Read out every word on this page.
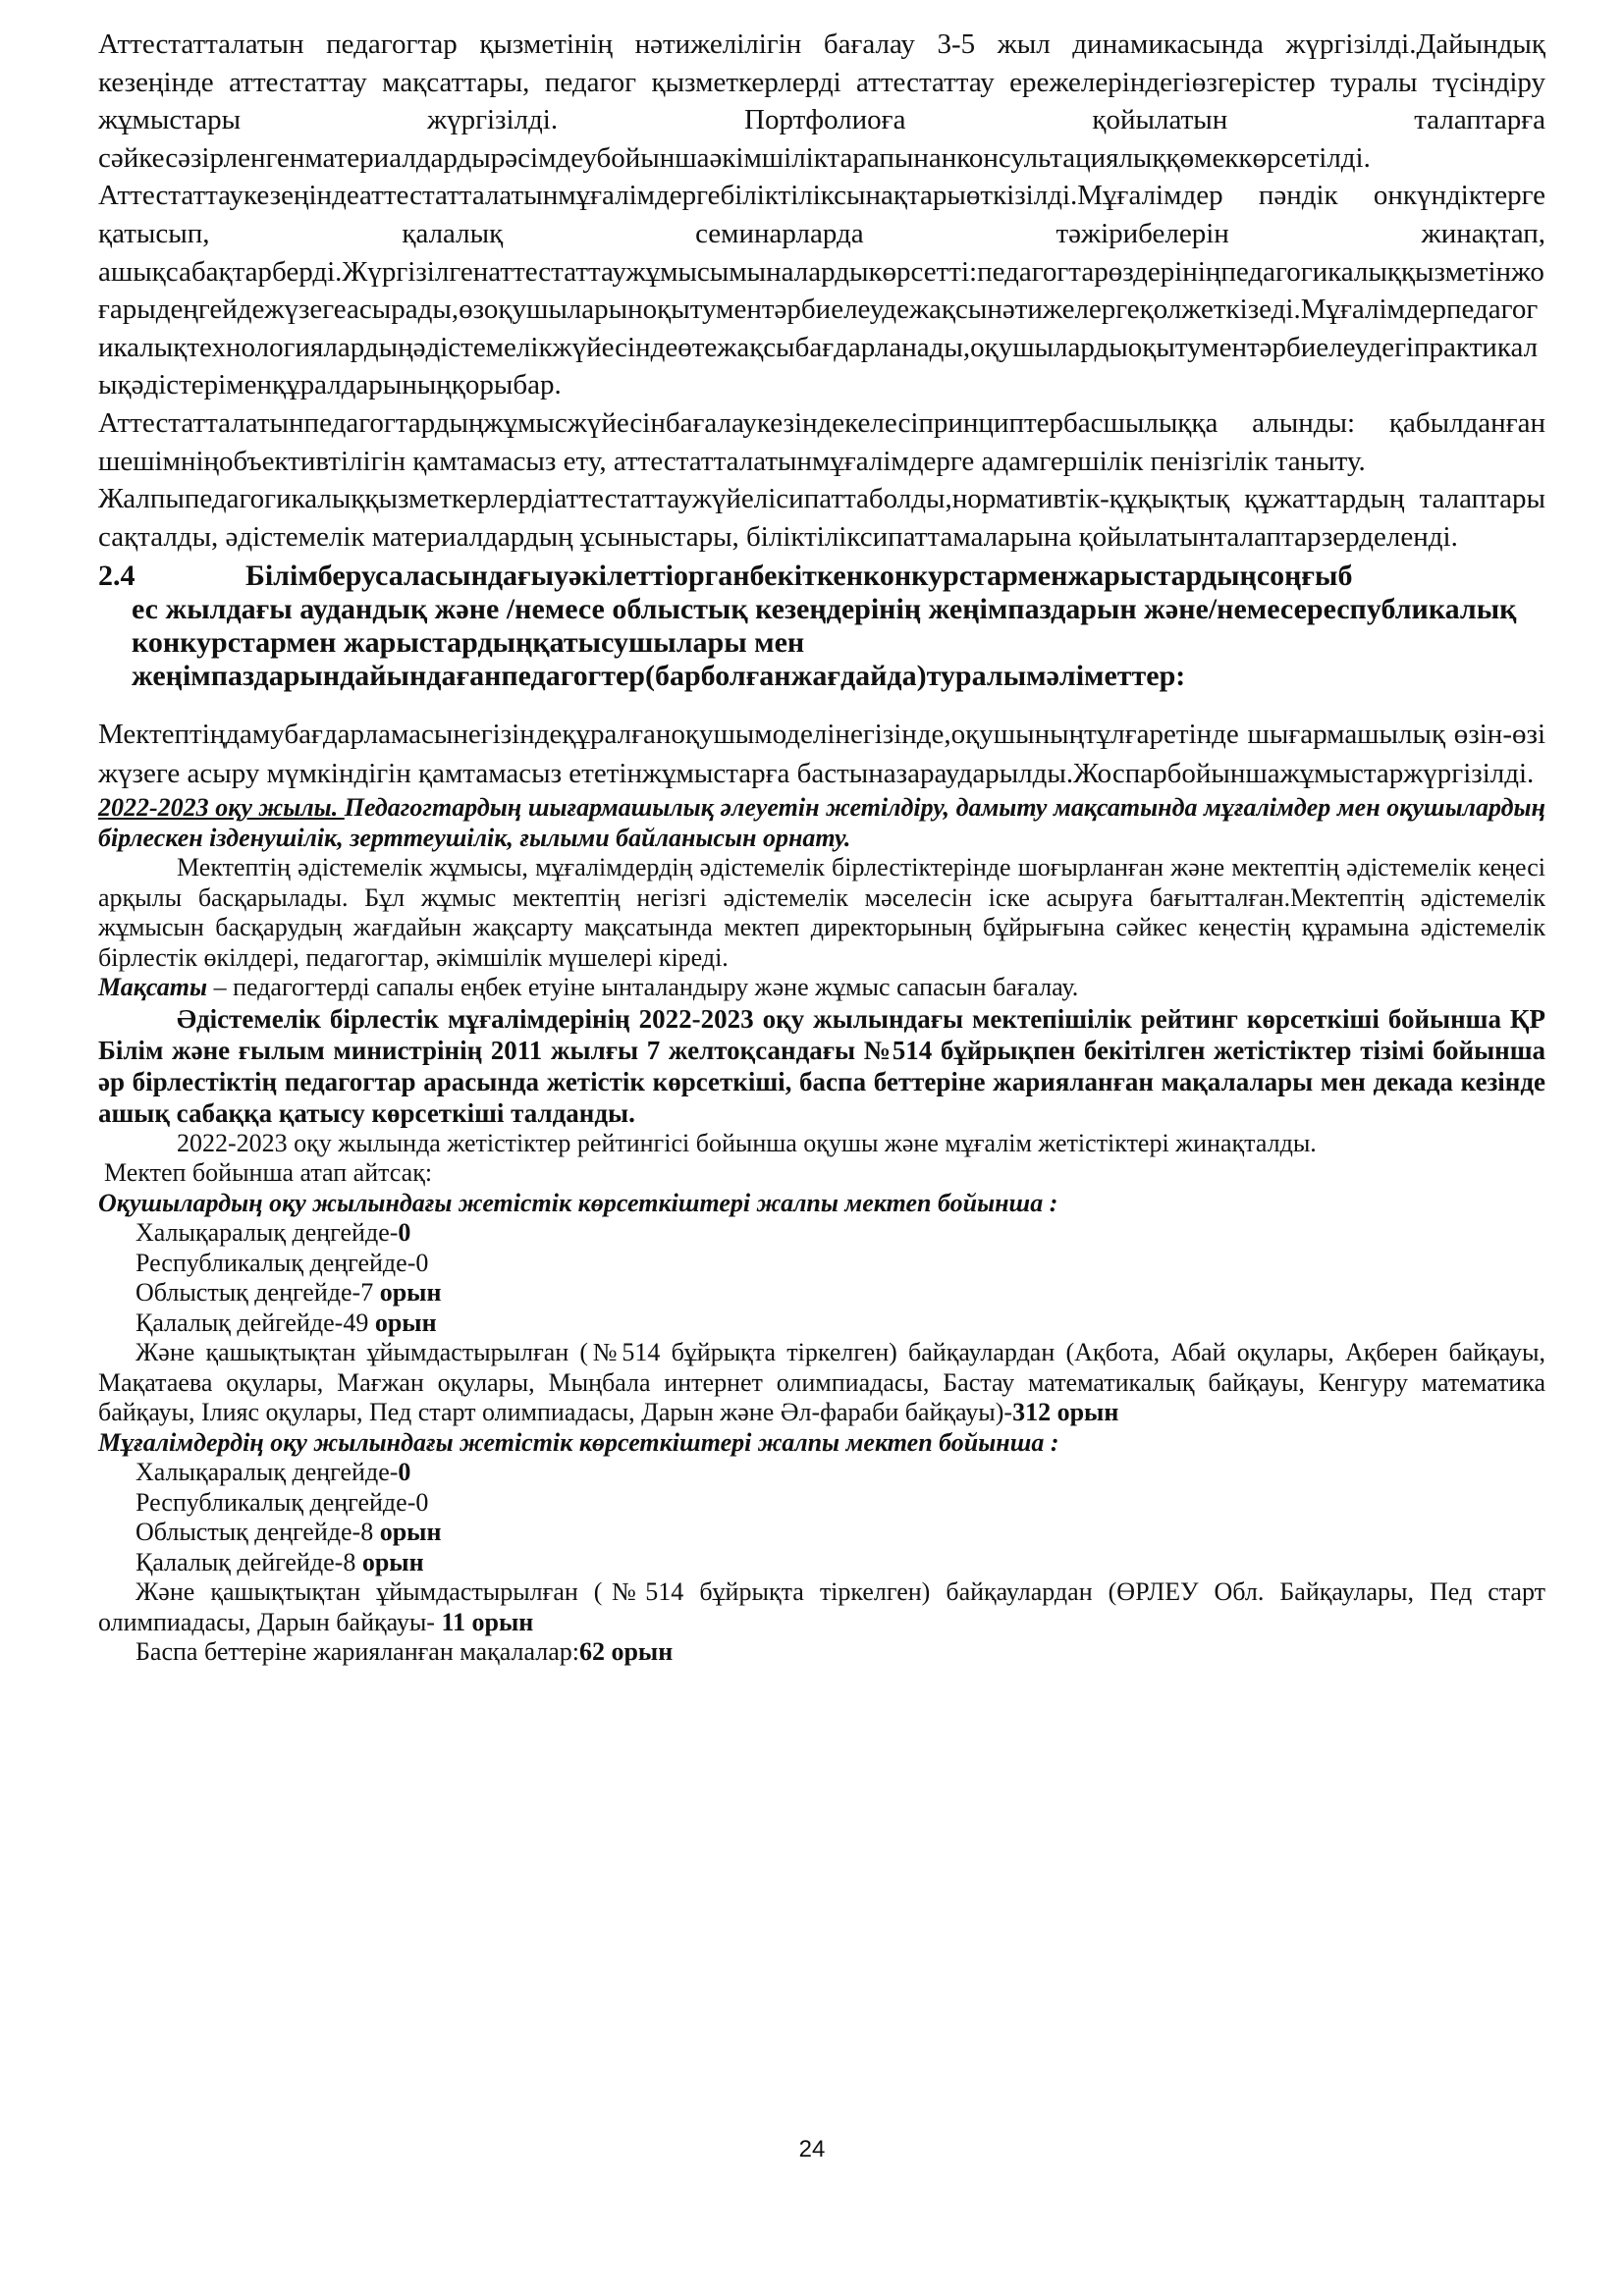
Аттестатталатын педагогтар қызметінің нәтижелілігін бағалау 3-5 жыл динамикасында жүргізілді.Дайындық кезеңінде аттестаттау мақсаттары, педагог қызметкерлерді аттестаттау ережелеріндегіөзгерістер туралы түсіндіру жұмыстары жүргізілді. Портфолиоға қойылатын талаптарға сәйкесәзірленгенматериалдардырәсімдеубойыншаәкімшіліктарапынанконсультациялыққөмеккөрсетілді.

Аттестаттаукезеңіндеаттестатталатынмұғалімдергебіліктіліксынақтарыөткізілді.Мұғалімдер пәндік онкүндіктерге қатысып, қалалық семинарларда тәжірибелерін жинақтап, ашықсабақтарберді.Жүргізілгенаттестаттаужұмысымыналардыкөрсетті:педагогтарөздерініңпедагогикалыққызметінжоғарыдеңгейдежүзегеасырады,өзоқушыларыноқытументәрбиелеудежақсынәтижелергеқолжеткізеді.Мұғалімдерпедагогикалықтехнологиялардыңәдістемелікжүйесіндеөтежақсыбағдарланады,оқушылардыоқытументәрбиелеудегіпрактикалықәдістеріменқұралдарыныңқорыбар.

Аттестатталатынпедагогтардыңжұмысжүйесінбағалаукезіндекелесіпринциптербасшылыққа алынды: қабылданған шешімніңобъективтілігін қамтамасыз ету, аттестатталатынмұғалімдерге адамгершілік пенізгілік таныту.

Жалпыпедагогикалыққызметкерлердіаттестаттаужүйелісипаттаболды,нормативтік-құқықтық құжаттардың талаптары сақталды, әдістемелік материалдардың ұсыныстары, біліктіліксипаттамаларына қойылатынталаптарзерделенді.

2.4	Білімберусаласындағыуәкілеттіорганбекіткенконкурстарменжарыстардыңсоңғыб
ес жылдағы аудандық және /немесе облыстық кезеңдерінің жеңімпаздарын және/немесереспубликалық конкурстармен жарыстардыңқатысушылары мен жеңімпаздарындайындағанпедагогтер(барболғанжағдайда)туралымәліметтер:

Мектептіңдамубағдарламасынегізіндеқұралғаноқушымоделінегізінде,оқушыныңтұлғаретінде шығармашылық өзін-өзі жүзеге асыру мүмкіндігін қамтамасыз ететінжұмыстарға бастыназараударылды.Жоспарбойыншажұмыстаржүргізілді.

2022-2023 оқу жылы. Педагогтардың шығармашылық әлеуетін жетілдіру, дамыту мақсатында мұғалімдер мен оқушылардың бірлескен ізденушілік, зерттеушілік, ғылыми байланысын орнату.

Мектептің әдістемелік жұмысы, мұғалімдердің әдістемелік бірлестіктерінде шоғырланған және мектептің әдістемелік кеңесі арқылы басқарылады. Бұл жұмыс мектептің негізгі әдістемелік мәселесін іске асыруға бағытталған.Мектептің әдістемелік жұмысын басқарудың жағдайын жақсарту мақсатында мектеп директорының бұйрығына сәйкес кеңестің құрамына әдістемелік бірлестік өкілдері, педагогтар, әкімшілік мүшелері кіреді.

Мақсаты – педагогтерді сапалы еңбек етуіне ынталандыру және жұмыс сапасын бағалау.

Әдістемелік бірлестік мұғалімдерінің 2022-2023 оқу жылындағы мектепішілік рейтинг көрсеткіші бойынша ҚР Білім және ғылым министрінің 2011 жылғы 7 желтоқсандағы №514 бұйрықпен бекітілген жетістіктер тізімі бойынша әр бірлестіктің педагогтар арасында жетістік көрсеткіші, баспа беттеріне жарияланған мақалалары мен декада кезінде ашық сабаққа қатысу көрсеткіші талданды.

2022-2023 оқу жылында жетістіктер рейтингісі бойынша оқушы және мұғалім жетістіктері жинақталды.

Мектеп бойынша атап айтсақ:

Оқушылардың оқу жылындағы жетістік көрсеткіштері жалпы мектеп бойынша :

Халықаралық деңгейде-0

Республикалық деңгейде-0

Облыстық деңгейде-7 орын

Қалалық дейгейде-49 орын

Және қашықтықтан ұйымдастырылған (№514 бұйрықта тіркелген) байқаулардан (Ақбота, Абай оқулары, Ақберен байқауы, Мақатаева оқулары, Мағжан оқулары, Мыңбала интернет олимпиадасы, Бастау математикалық байқауы, Кенгуру математика байқауы, Ілияс оқулары, Пед старт олимпиадасы, Дарын және Әл-фараби байқауы)-312 орын

Мұғалімдердің оқу жылындағы жетістік көрсеткіштері жалпы мектеп бойынша :

Халықаралық деңгейде-0

Республикалық деңгейде-0

Облыстық деңгейде-8 орын

Қалалық дейгейде-8 орын

Және қашықтықтан ұйымдастырылған (№514 бұйрықта тіркелген) байқаулардан (ӨРЛЕУ Обл. Байқаулары, Пед старт олимпиадасы, Дарын байқауы- 11 орын

Баспа беттеріне жарияланған мақалалар:62 орын

24
